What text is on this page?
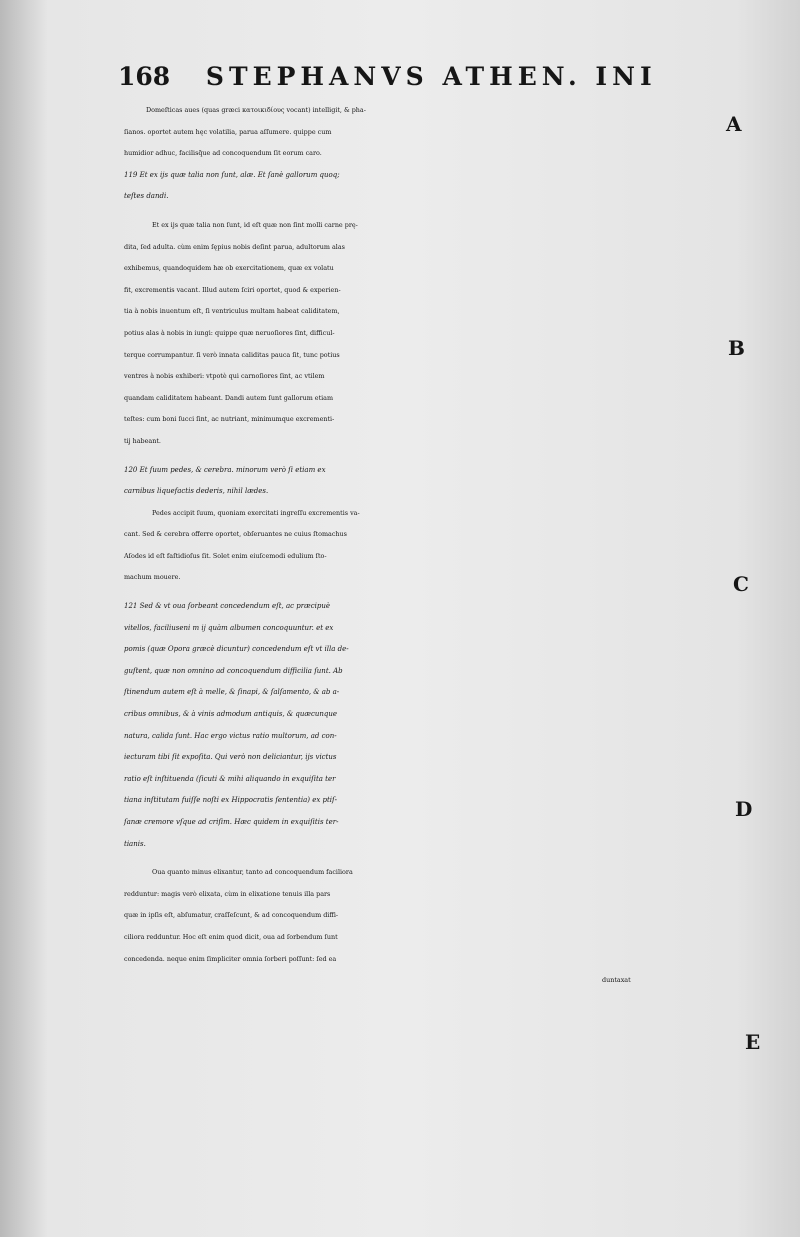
168 STEPHANVS ATHEN. INI
A
B
C
D
E
Domeſticas aues (quas græci κατοικιδίους vocant) intelligit, & pha-
ſianos. oportet autem hęc volatilia, parua aſſumere. quippe cum
humidior adhuc, facilisq̃ue ad concoquendum ſit eorum caro.
119 Et ex ijs quæ talia non ſunt, alæ. Et ſanè gallorum quoq;
teſtes dandi.
Et ex ijs quæ talia non ſunt, id eſt quæ non ſint molli carne prę-
dita, ſed adulta. cùm enim ſępius nobis deſint parua, adultorum alas
exhibemus, quandoquidem hæ ob exercitationem, quæ ex volatu
fit, excrementis vacant. Illud autem ſciri oportet, quod & experien-
tia à nobis inuentum eſt, ſi ventriculus multam habeat caliditatem,
potius alas à nobis in iungi: quippe quæ neruoſiores ſint, difficul-
terque corrumpantur. ſi verò innata caliditas pauca ſit, tunc potius
ventres à nobis exhiberi: vtpotè qui carnoſiores ſint, ac vtilem
quandam caliditatem habeant. Dandi autem ſunt gallorum etiam
teſtes: cum boni ſucci ſint, ac nutriant, minimumque excrementi-
tij habeant.
120 Et ſuum pedes, & cerebra. minorum verò ſi etiam ex
carnibus liquefactis dederis, nihil lædes.
Pedes accipit ſuum, quoniam exercitati ingreſſu excrementis va-
cant. Sed & cerebra offerre oportet, obſeruantes ne cuius ſtomachus
Aſodes id eſt faſtidioſus ſit. Solet enim eiuſcemodi edulium ſto-
machum mouere.
121 Sed & vt oua ſorbeant concedendum eſt, ac præcipuè
vitellos, faciliuseni m ij quàm albumen concoquuntur. et ex
pomis (quæ Opora græcè dicuntur) concedendum eſt vt illa de-
guſtent, quæ non omnino ad concoquendum difficilia ſunt. Ab
ſtinendum autem eſt à melle, & ſinapi, & ſalſamento, & ab a-
cribus omnibus, & à vinis admodum antiquis, & quæcunque
natura, calida ſunt. Hac ergo victus ratio multorum, ad con-
iecturam tibi ſit expoſita. Qui verò non deliciantur, ijs victus
ratio eſt inſtituenda (ſicuti & mihi aliquando in exquiſita ter
tiana inſtitutam fuiſſe noſti ex Hippocratis ſententia) ex ptiſ-
ſanæ cremore vſque ad criſim. Hæc quidem in exquiſitis ter-
tianis.
Oua quanto minus elixantur, tanto ad concoquendum faciliora
redduntur: magis verò elixata, cùm in elixatione tenuis illa pars
quæ in ipſis eſt, abſumatur, craſſeſcunt, & ad concoquendum diffi-
ciliora redduntur. Hoc eſt enim quod dicit, oua ad ſorbendum ſunt
concedenda. neque enim ſimpliciter omnia ſorberi poſſunt: ſed ea
duntaxat
